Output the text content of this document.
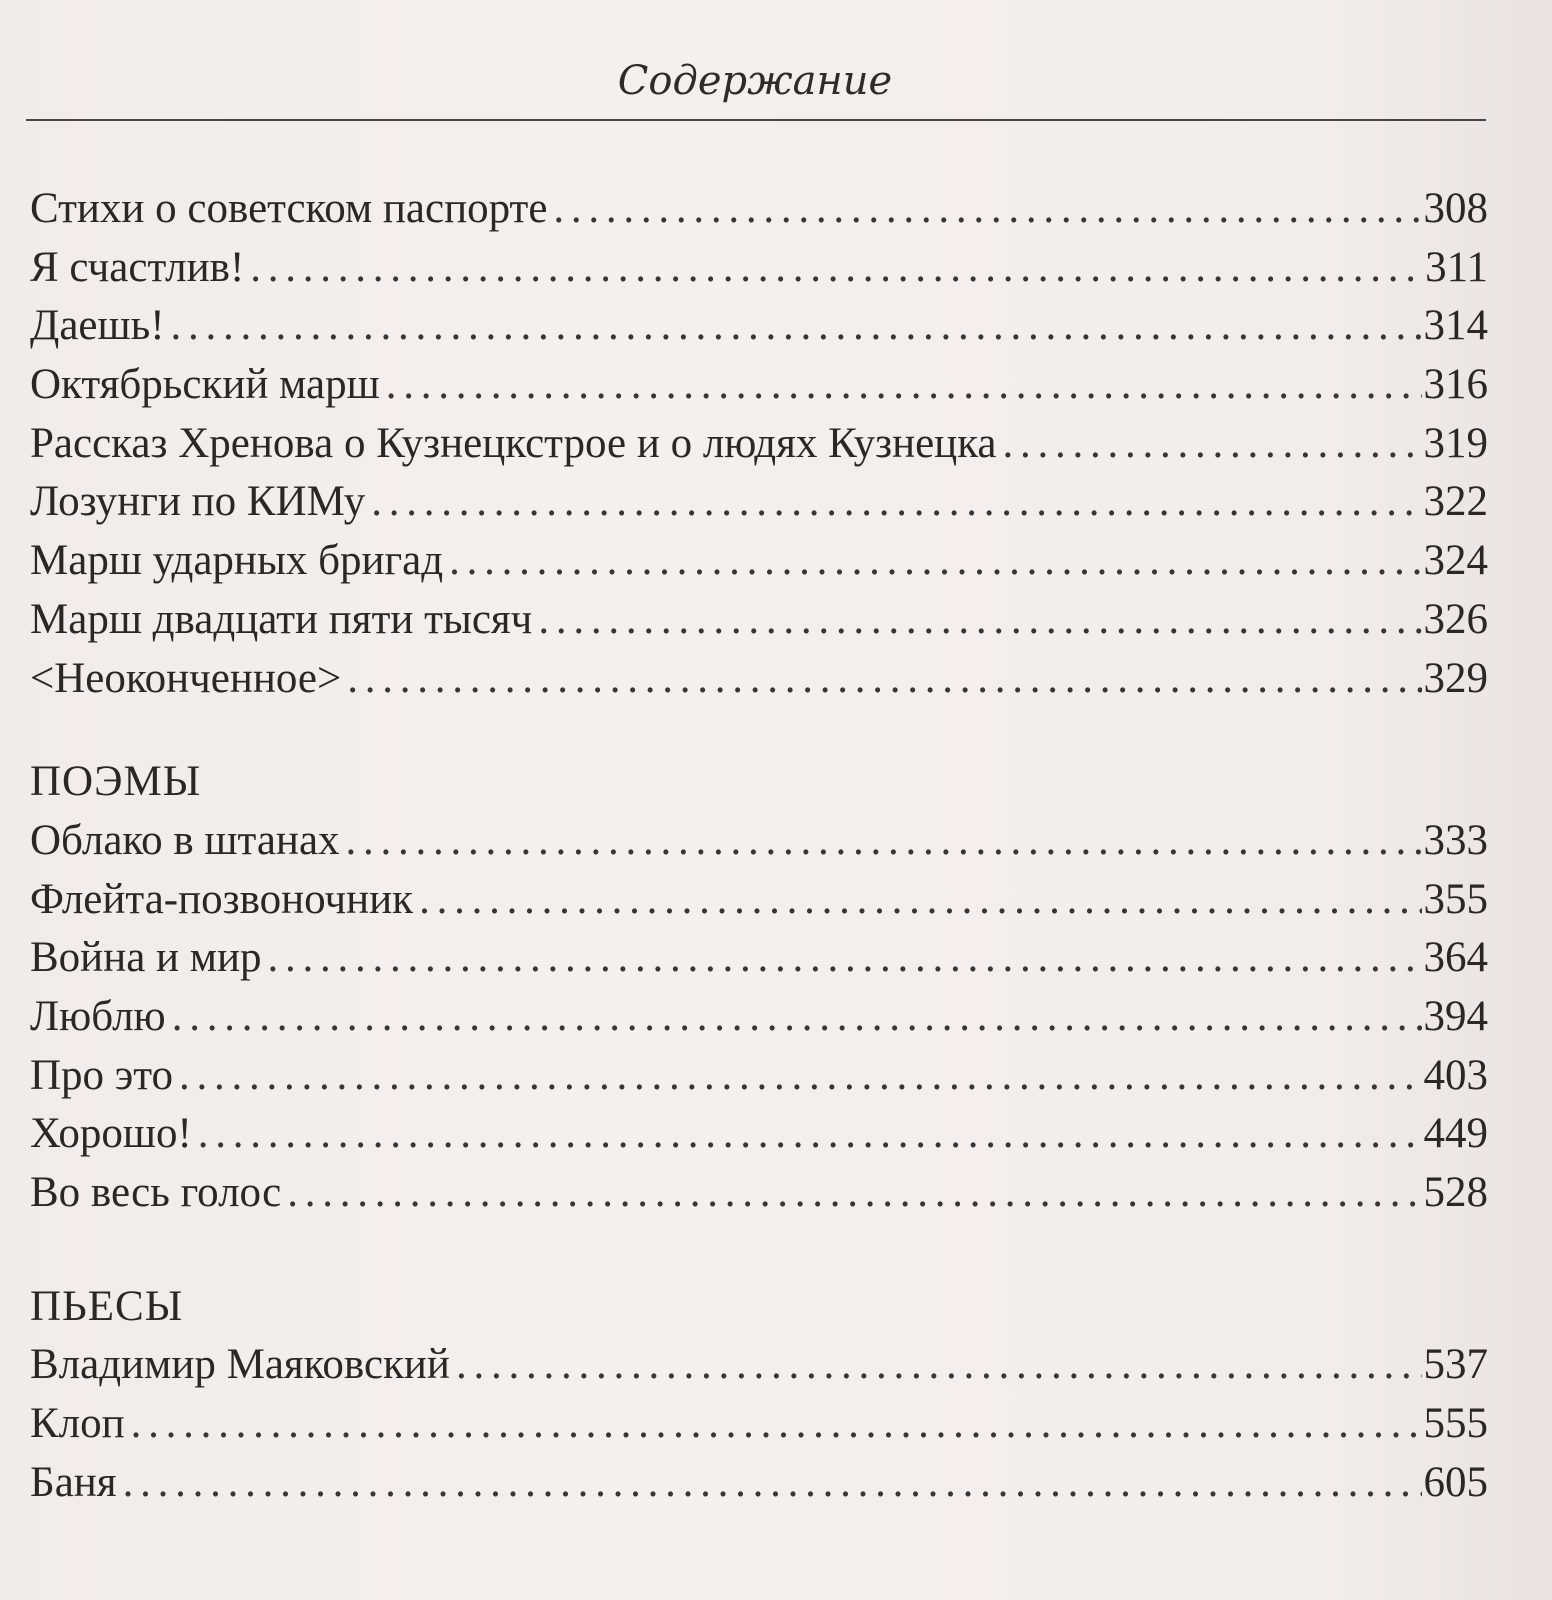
Содержание
Стихи о советском паспорте . . .	308
Я счастлив! . . .	311
Даешь! . . .	314
Октябрьский марш . . .	316
Рассказ Хренова о Кузнецкстрое и о людях Кузнецка . . .	319
Лозунги по КИМу . . .	322
Марш ударных бригад . . .	324
Марш двадцати пяти тысяч . . .	326
<Неоконченное> . . .	329
ПОЭМЫ
Облако в штанах . . .	333
Флейта-позвоночник . . .	355
Война и мир . . .	364
Люблю . . .	394
Про это . . .	403
Хорошо! . . .	449
Во весь голос . . .	528
ПЬЕСЫ
Владимир Маяковский . . .	537
Клоп . . .	555
Баня . . .	605
